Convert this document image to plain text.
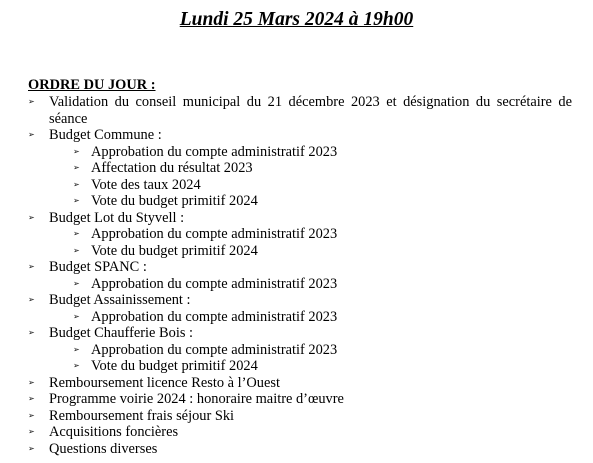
Lundi 25 Mars 2024 à 19h00
ORDRE DU JOUR :
➢ Validation du conseil municipal du 21 décembre 2023 et désignation du secrétaire de séance
➢ Budget Commune :
➢ Approbation du compte administratif 2023
➢ Affectation du résultat 2023
➢ Vote des taux 2024
➢ Vote du budget primitif 2024
➢ Budget Lot du Styvell :
➢ Approbation du compte administratif 2023
➢ Vote du budget primitif 2024
➢ Budget SPANC :
➢ Approbation du compte administratif 2023
➢ Budget Assainissement :
➢ Approbation du compte administratif 2023
➢ Budget Chaufferie Bois :
➢ Approbation du compte administratif 2023
➢ Vote du budget primitif 2024
➢ Remboursement licence Resto à l’Ouest
➢ Programme voirie 2024 : honoraire maitre d’œuvre
➢ Remboursement frais séjour Ski
➢ Acquisitions foncières
➢ Questions diverses
